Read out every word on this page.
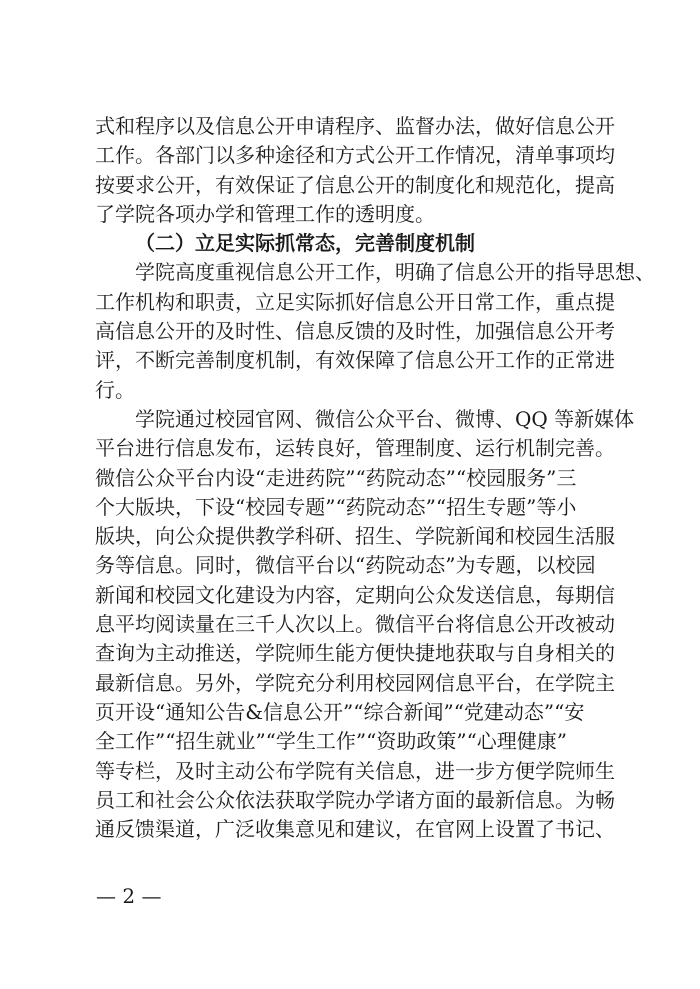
式和程序以及信息公开申请程序、监督办法，做好信息公开
工作。各部门以多种途径和方式公开工作情况，清单事项均
按要求公开，有效保证了信息公开的制度化和规范化，提高
了学院各项办学和管理工作的透明度。
（二）立足实际抓常态，完善制度机制
学院高度重视信息公开工作，明确了信息公开的指导思想、
工作机构和职责，立足实际抓好信息公开日常工作，重点提
高信息公开的及时性、信息反馈的及时性，加强信息公开考
评，不断完善制度机制，有效保障了信息公开工作的正常进
行。
学院通过校园官网、微信公众平台、微博、QQ 等新媒体
平台进行信息发布，运转良好，管理制度、运行机制完善。
微信公众平台内设“走进药院”“药院动态”“校园服务”三
个大版块，下设“校园专题”“药院动态”“招生专题”等小
版块，向公众提供教学科研、招生、学院新闻和校园生活服
务等信息。同时，微信平台以“药院动态”为专题，以校园
新闻和校园文化建设为内容，定期向公众发送信息，每期信
息平均阅读量在三千人次以上。微信平台将信息公开改被动
查询为主动推送，学院师生能方便快捷地获取与自身相关的
最新信息。另外，学院充分利用校园网信息平台，在学院主
页开设“通知公告&信息公开”“综合新闻”“党建动态”“安
全工作”“招生就业”“学生工作”“资助政策”“心理健康”
等专栏，及时主动公布学院有关信息，进一步方便学院师生
员工和社会公众依法获取学院办学诸方面的最新信息。为畅
通反馈渠道，广泛收集意见和建议，在官网上设置了书记、
— 2 —
